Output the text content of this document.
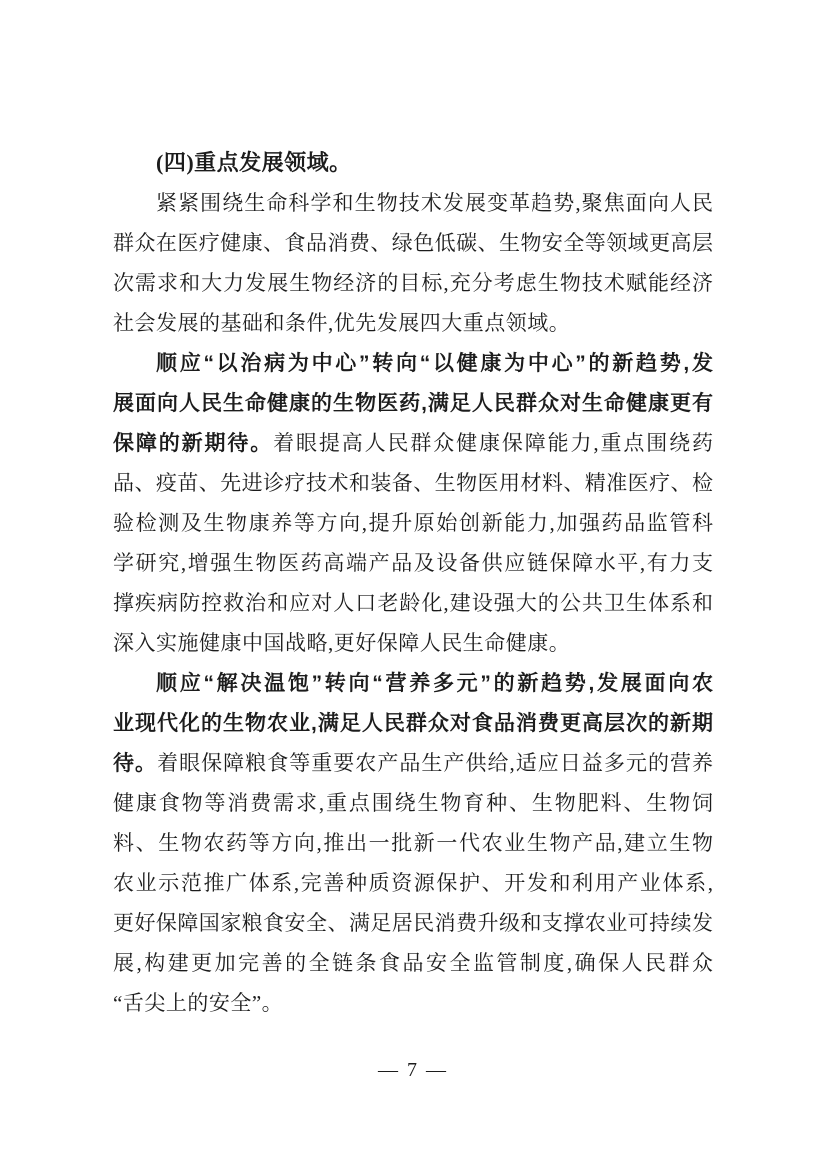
(四)重点发展领域。
紧紧围绕生命科学和生物技术发展变革趋势,聚焦面向人民
群众在医疗健康、食品消费、绿色低碳、生物安全等领域更高层
次需求和大力发展生物经济的目标,充分考虑生物技术赋能经济
社会发展的基础和条件,优先发展四大重点领域。
顺应“以治病为中心”转向“以健康为中心”的新趋势,发
展面向人民生命健康的生物医药,满足人民群众对生命健康更有
保障的新期待。着眼提高人民群众健康保障能力,重点围绕药
品、疫苗、先进诊疗技术和装备、生物医用材料、精准医疗、检
验检测及生物康养等方向,提升原始创新能力,加强药品监管科
学研究,增强生物医药高端产品及设备供应链保障水平,有力支
撑疾病防控救治和应对人口老龄化,建设强大的公共卫生体系和
深入实施健康中国战略,更好保障人民生命健康。
顺应“解决温饱”转向“营养多元”的新趋势,发展面向农
业现代化的生物农业,满足人民群众对食品消费更高层次的新期
待。着眼保障粮食等重要农产品生产供给,适应日益多元的营养
健康食物等消费需求,重点围绕生物育种、生物肥料、生物饲
料、生物农药等方向,推出一批新一代农业生物产品,建立生物
农业示范推广体系,完善种质资源保护、开发和利用产业体系,
更好保障国家粮食安全、满足居民消费升级和支撑农业可持续发
展,构建更加完善的全链条食品安全监管制度,确保人民群众
“舌尖上的安全”。
— 7 —
